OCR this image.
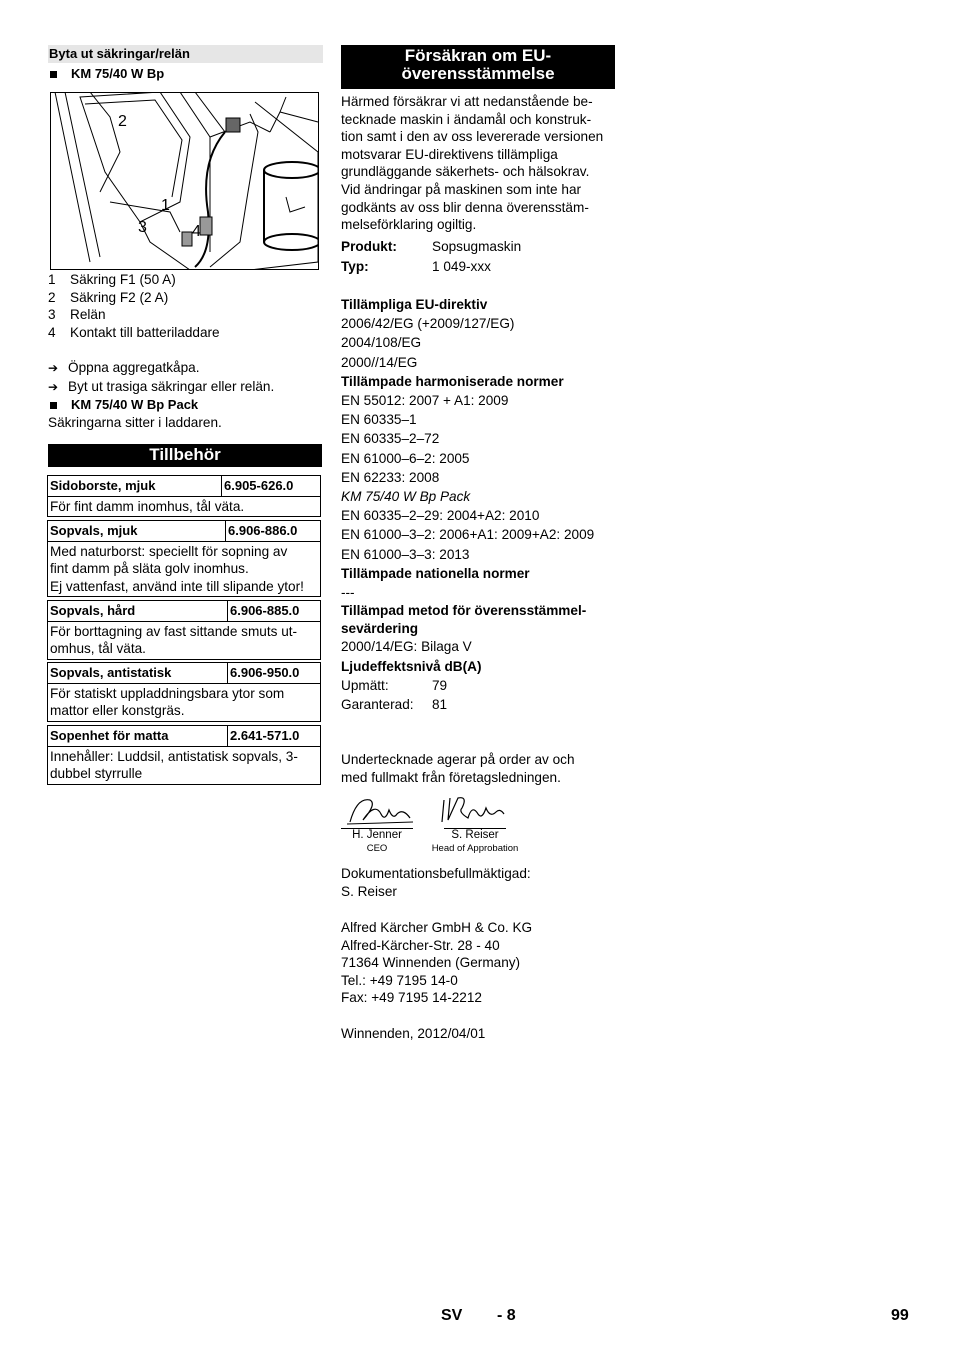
Byta ut säkringar/relän
KM 75/40 W Bp
2
1
3	4
1	Säkring F1 (50 A)
2	Säkring F2 (2 A)
3	Relän
4	Kontakt till batteriladdare
➔ Öppna aggregatkåpa.
➔ Byt ut trasiga säkringar eller relän.
KM 75/40 W Bp Pack
Säkringarna sitter i laddaren.
Tillbehör
Sidoborste, mjuk	6.905-626.0

För fint damm inomhus, tål väta.
Sopvals, mjuk	6.906-886.0

Med naturborst: speciellt för sopning av
fint damm på släta golv inomhus.
Ej vattenfast, använd inte till slipande ytor!
Sopvals, hård	6.906-885.0

För borttagning av fast sittande smuts ut-
omhus, tål väta.
Sopvals, antistatisk	6.906-950.0

För statiskt uppladdningsbara ytor som
mattor eller konstgräs.
Sopenhet för matta	2.641-571.0

Innehåller: Luddsil, antistatisk sopvals, 3-
dubbel styrrulle
Försäkran om EU-
överensstämmelse
Härmed försäkrar vi att nedanstående be-
tecknade maskin i ändamål och konstruk-
tion samt i den av oss levererade versionen
motsvarar EU-direktivens tillämpliga
grundläggande säkerhets- och hälsokrav.
Vid ändringar på maskinen som inte har
godkänts av oss blir denna överensstäm-
melseförklaring ogiltig.
Produkt:	Sopsugmaskin
Typ:	1 049-xxx
Tillämpliga EU-direktiv
2006/42/EG (+2009/127/EG)
2004/108/EG
2000//14/EG
Tillämpade harmoniserade normer
EN 55012: 2007 + A1: 2009
EN 60335–1
EN 60335–2–72
EN 61000–6–2: 2005
EN 62233: 2008
KM 75/40 W Bp Pack
EN 60335–2–29: 2004+A2: 2010
EN 61000–3–2: 2006+A1: 2009+A2: 2009
EN 61000–3–3: 2013
Tillämpade nationella normer
---
Tillämpad metod för överensstämmel-
sevärdering
2000/14/EG: Bilaga V
Ljudeffektsnivå dB(A)
Upmätt:	79
Garanterad:	81
Undertecknade agerar på order av och
med fullmakt från företagsledningen.
H. Jenner
CEO
S. Reiser
Head of Approbation
Dokumentationsbefullmäktigad:
S. Reiser
Alfred Kärcher GmbH & Co. KG
Alfred-Kärcher-Str. 28 - 40
71364 Winnenden (Germany)
Tel.: +49 7195 14-0
Fax: +49 7195 14-2212
Winnenden, 2012/04/01
SV - 8	99
